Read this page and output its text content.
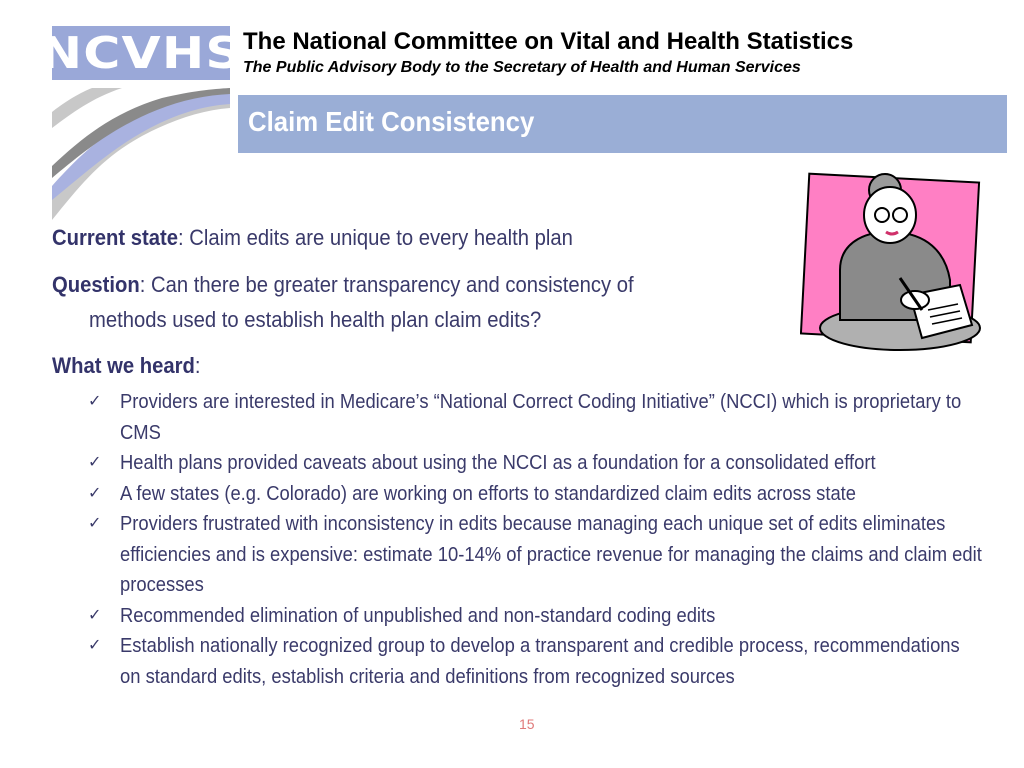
NCVHS The National Committee on Vital and Health Statistics
The Public Advisory Body to the Secretary of Health and Human Services
Claim Edit Consistency
Current state: Claim edits are unique to every health plan
Question: Can there be greater transparency and consistency of
methods used to establish health plan claim edits?
What we heard:
✓ Providers are interested in Medicare’s “National Correct Coding Initiative” (NCCI) which is proprietary to CMS
✓ Health plans provided caveats about using the NCCI as a foundation for a consolidated effort
✓ A few states (e.g. Colorado) are working on efforts to standardized claim edits across state
✓ Providers frustrated with inconsistency in edits because managing each unique set of edits eliminates efficiencies and is expensive: estimate 10-14% of practice revenue for managing the claims and claim edit processes
✓ Recommended elimination of unpublished and non-standard coding edits
✓ Establish nationally recognized group to develop a transparent and credible process, recommendations on standard edits, establish criteria and definitions from recognized sources
15
